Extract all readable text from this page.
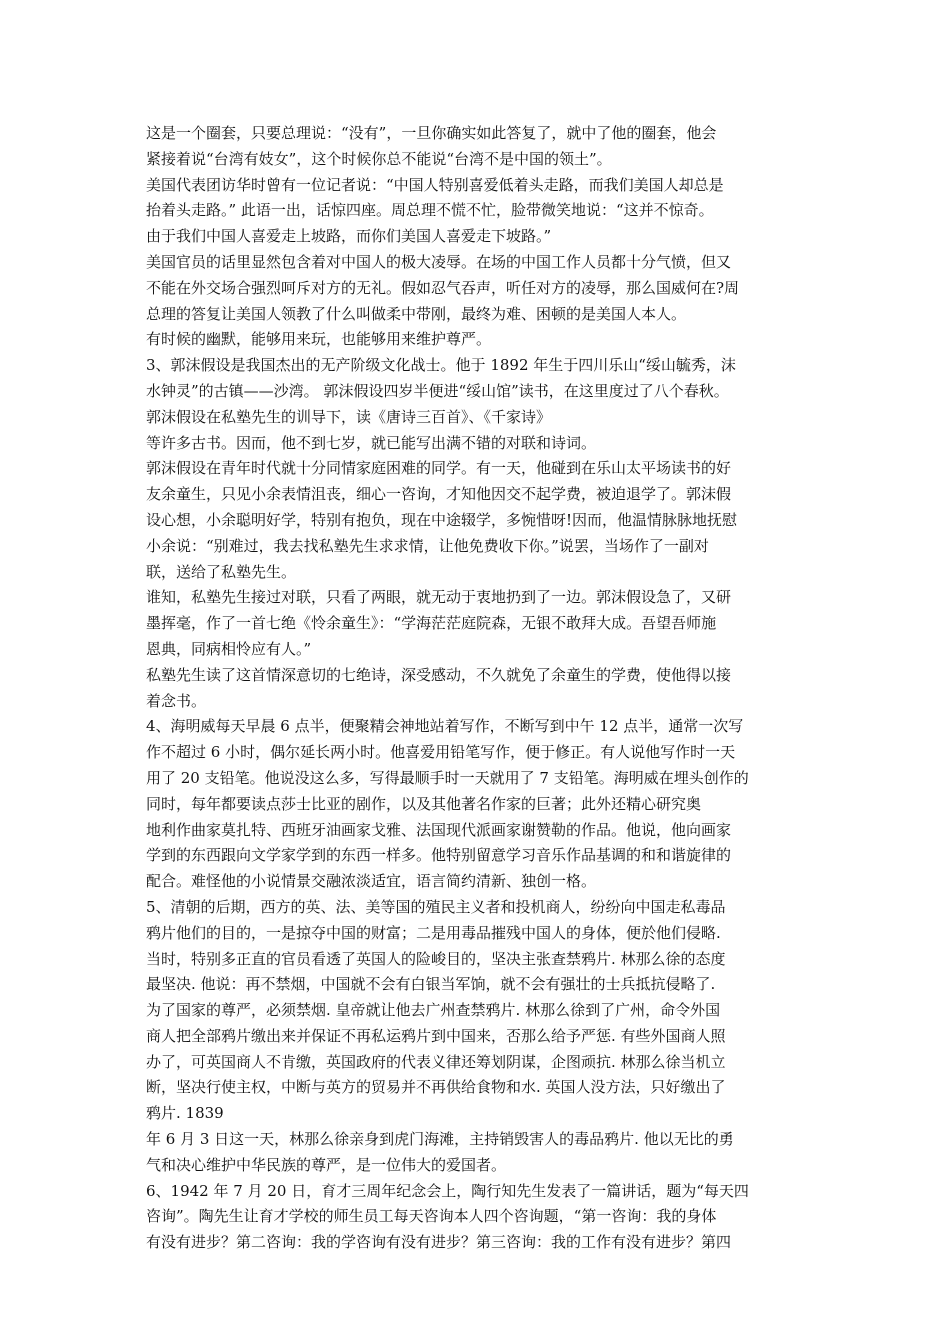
这是一个圈套，只要总理说：“没有”，一旦你确实如此答复了，就中了他的圈套，他会
紧接着说“台湾有妓女”，这个时候你总不能说“台湾不是中国的领土”。
美国代表团访华时曾有一位记者说：“中国人特别喜爱低着头走路，而我们美国人却总是
抬着头走路。” 此语一出，话惊四座。周总理不慌不忙，脸带微笑地说：“这并不惊奇。
由于我们中国人喜爱走上坡路，而你们美国人喜爱走下坡路。”
美国官员的话里显然包含着对中国人的极大凌辱。在场的中国工作人员都十分气愤，但又
不能在外交场合强烈呵斥对方的无礼。假如忍气吞声，听任对方的凌辱，那么国威何在?周
总理的答复让美国人领教了什么叫做柔中带刚，最终为难、困顿的是美国人本人。
有时候的幽默，能够用来玩，也能够用来维护尊严。
3、郭沫假设是我国杰出的无产阶级文化战士。他于 1892 年生于四川乐山“绥山毓秀，沫
水钟灵”的古镇——沙湾。 郭沫假设四岁半便进“绥山馆”读书，在这里度过了八个春秋。
郭沫假设在私塾先生的训导下，读《唐诗三百首》、《千家诗》
等许多古书。因而，他不到七岁，就已能写出满不错的对联和诗词。
郭沫假设在青年时代就十分同情家庭困难的同学。有一天，他碰到在乐山太平场读书的好
友余童生，只见小余表情沮丧，细心一咨询，才知他因交不起学费，被迫退学了。郭沫假
设心想，小余聪明好学，特别有抱负，现在中途辍学，多惋惜呀!因而，他温情脉脉地抚慰
小余说：“别难过，我去找私塾先生求求情，让他免费收下你。”说罢，当场作了一副对
联，送给了私塾先生。
谁知，私塾先生接过对联，只看了两眼，就无动于衷地扔到了一边。郭沫假设急了，又研
墨挥毫，作了一首七绝《怜余童生》：“学海茫茫庭院森，无银不敢拜大成。吾望吾师施
恩典，同病相怜应有人。”
私塾先生读了这首情深意切的七绝诗，深受感动，不久就免了余童生的学费，使他得以接
着念书。
4、海明威每天早晨 6 点半，便聚精会神地站着写作，不断写到中午 12 点半，通常一次写
作不超过 6 小时，偶尔延长两小时。他喜爱用铅笔写作，便于修正。有人说他写作时一天
用了 20 支铅笔。他说没这么多，写得最顺手时一天就用了 7 支铅笔。海明威在埋头创作的
同时，每年都要读点莎士比亚的剧作，以及其他著名作家的巨著；此外还精心研究奥
地利作曲家莫扎特、西班牙油画家戈雅、法国现代派画家谢赞勒的作品。他说，他向画家
学到的东西跟向文学家学到的东西一样多。他特别留意学习音乐作品基调的和和谐旋律的
配合。难怪他的小说情景交融浓淡适宜，语言简约清新、独创一格。
5、清朝的后期，西方的英、法、美等国的殖民主义者和投机商人，纷纷向中国走私毒品
鸦片他们的目的，一是掠夺中国的财富；二是用毒品摧残中国人的身体，便於他们侵略.
当时，特别多正直的官员看透了英国人的险峻目的，坚决主张查禁鸦片. 林那么徐的态度
最坚决. 他说：再不禁烟，中国就不会有白银当军饷，就不会有强壮的士兵抵抗侵略了.
为了国家的尊严，必须禁烟. 皇帝就让他去广州查禁鸦片. 林那么徐到了广州，命令外国
商人把全部鸦片缴出来并保证不再私运鸦片到中国来，否那么给予严惩. 有些外国商人照
办了，可英国商人不肯缴，英国政府的代表义律还筹划阴谋，企图顽抗. 林那么徐当机立
断，坚决行使主权，中断与英方的贸易并不再供给食物和水. 英国人没方法，只好缴出了
鸦片. 1839
年 6 月 3 日这一天，林那么徐亲身到虎门海滩，主持销毁害人的毒品鸦片. 他以无比的勇
气和决心维护中华民族的尊严，是一位伟大的爱国者。
6、1942 年 7 月 20 日，育才三周年纪念会上，陶行知先生发表了一篇讲话，题为“每天四
咨询”。陶先生让育才学校的师生员工每天咨询本人四个咨询题，“第一咨询：我的身体
有没有进步？第二咨询：我的学咨询有没有进步？第三咨询：我的工作有没有进步？第四
